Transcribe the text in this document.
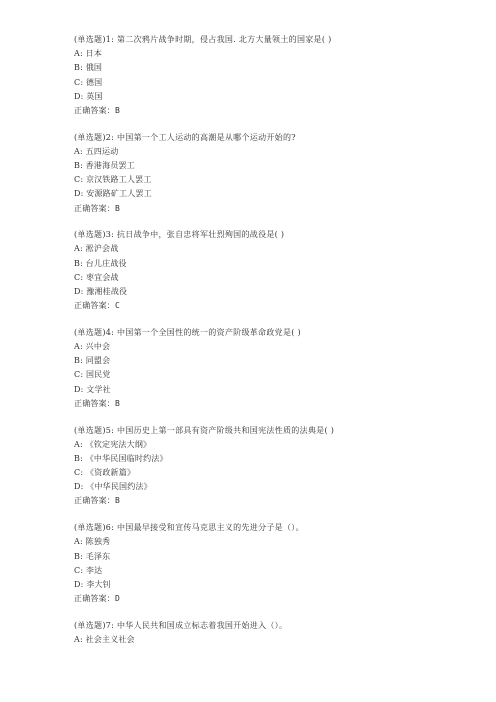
(单选题)1: 第二次鸦片战争时期，侵占我国. 北方大量领土的国家是( )
A: 日本
B: 俄国
C: 德国
D: 英国
正确答案：B
(单选题)2: 中国第一个工人运动的高潮是从哪个运动开始的?
A: 五四运动
B: 香港海员罢工
C: 京汉铁路工人罢工
D: 安源路矿工人罢工
正确答案：B
(单选题)3: 抗日战争中，张自忠将军壮烈殉国的战役是( )
A: 淞沪会战
B: 台儿庄战役
C: 枣宜会战
D: 豫湘桂战役
正确答案：C
(单选题)4: 中国第一个全国性的统一的资产阶级革命政党是( )
A: 兴中会
B: 同盟会
C: 国民党
D: 文学社
正确答案：B
(单选题)5: 中国历史上第一部具有资产阶级共和国宪法性质的法典是( )
A: 《钦定宪法大纲》
B: 《中华民国临时约法》
C: 《资政新篇》
D: 《中华民国约法》
正确答案：B
(单选题)6: 中国最早接受和宣传马克思主义的先进分子是（）。
A: 陈独秀
B: 毛泽东
C: 李达
D: 李大钊
正确答案：D
(单选题)7: 中华人民共和国成立标志着我国开始进入（）。
A: 社会主义社会
